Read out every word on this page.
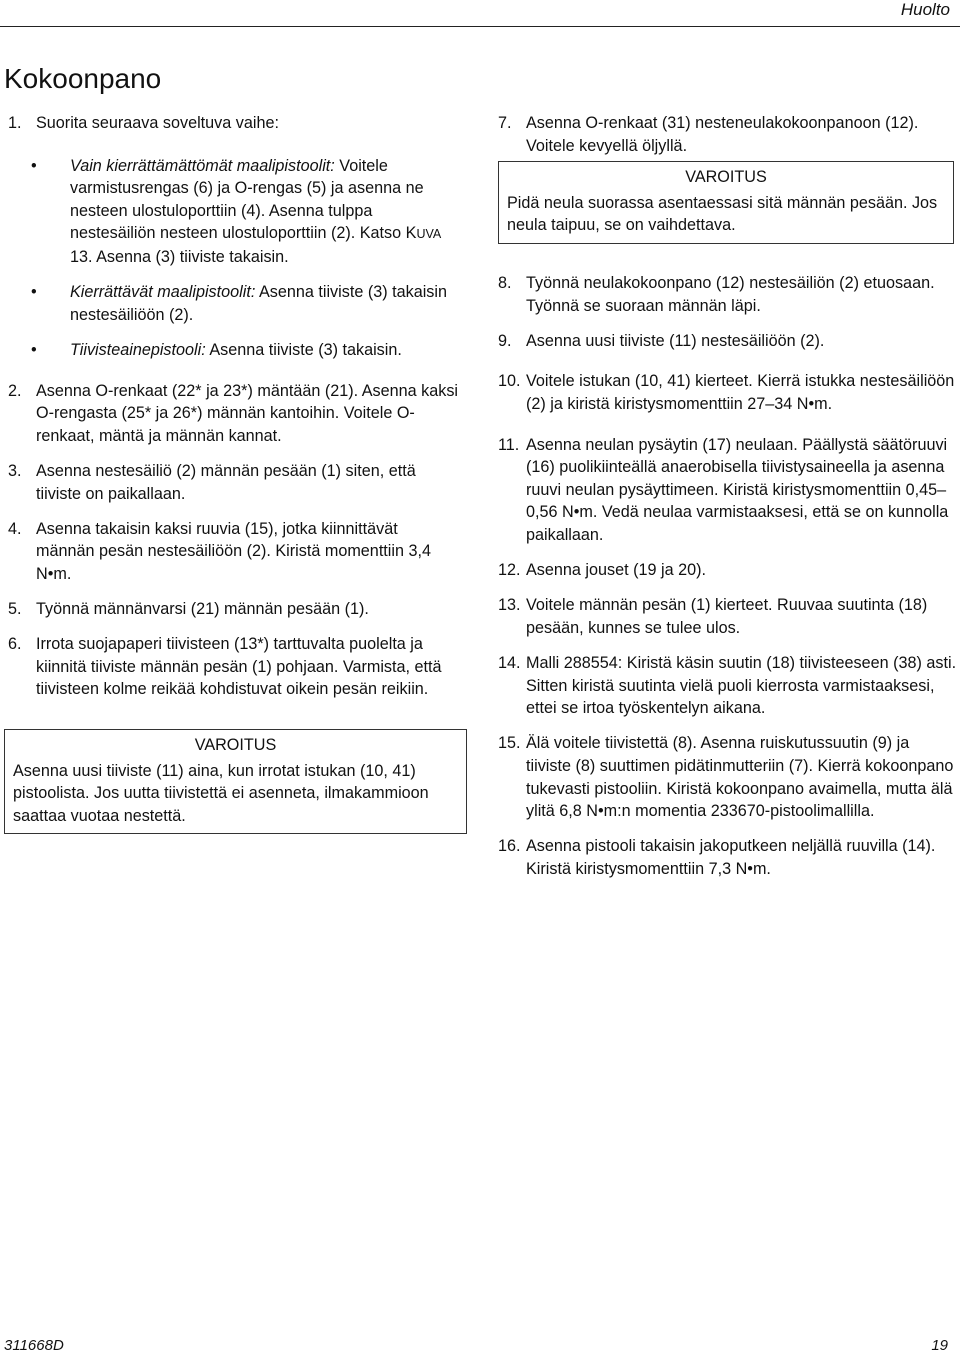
Huolto
Kokoonpano
1. Suorita seuraava soveltuva vaihe:
• Vain kierrättämättömät maalipistoolit: Voitele varmistusrengas (6) ja O-rengas (5) ja asenna ne nesteen ulostuloporttiin (4). Asenna tulppa nestesäiliön nesteen ulostuloporttiin (2). Katso KUVA 13. Asenna (3) tiiviste takaisin.
• Kierrättävät maalipistoolit: Asenna tiiviste (3) takaisin nestesäiliöön (2).
• Tiivisteainepistooli: Asenna tiiviste (3) takaisin.
2. Asenna O-renkaat (22* ja 23*) mäntään (21). Asenna kaksi O-rengasta (25* ja 26*) männän kantoihin. Voitele O-renkaat, mäntä ja männän kannat.
3. Asenna nestesäiliö (2) männän pesään (1) siten, että tiiviste on paikallaan.
4. Asenna takaisin kaksi ruuvia (15), jotka kiinnittävät männän pesän nestesäiliöön (2). Kiristä momenttiin 3,4 N•m.
5. Työnnä männänvarsi (21) männän pesään (1).
6. Irrota suojapaperi tiivisteen (13*) tarttuvalta puolelta ja kiinnitä tiiviste männän pesän (1) pohjaan. Varmista, että tiivisteen kolme reikää kohdistuvat oikein pesän reikiin.
VAROITUS
Asenna uusi tiiviste (11) aina, kun irrotat istukan (10, 41) pistoolista. Jos uutta tiivistettä ei asenneta, ilmakammioon saattaa vuotaa nestettä.
7. Asenna O-renkaat (31) nesteneulakokoonpanoon (12). Voitele kevyellä öljyllä.
VAROITUS
Pidä neula suorassa asentaessasi sitä männän pesään. Jos neula taipuu, se on vaihdettava.
8. Työnnä neulakokoonpano (12) nestesäiliön (2) etuosaan. Työnnä se suoraan männän läpi.
9. Asenna uusi tiiviste (11) nestesäiliöön (2).
10. Voitele istukan (10, 41) kierteet. Kierrä istukka nestesäiliöön (2) ja kiristä kiristysmomenttiin 27–34 N•m.
11. Asenna neulan pysäytin (17) neulaan. Päällystä säätöruuvi (16) puolikiinteällä anaerobisella tiivistysaineella ja asenna ruuvi neulan pysäyttimeen. Kiristä kiristysmomenttiin 0,45–0,56 N•m. Vedä neulaa varmistaaksesi, että se on kunnolla paikallaan.
12. Asenna jouset (19 ja 20).
13. Voitele männän pesän (1) kierteet. Ruuvaa suutinta (18) pesään, kunnes se tulee ulos.
14. Malli 288554: Kiristä käsin suutin (18) tiivisteeseen (38) asti. Sitten kiristä suutinta vielä puoli kierrosta varmistaaksesi, ettei se irtoa työskentelyn aikana.
15. Älä voitele tiivistettä (8). Asenna ruiskutussuutin (9) ja tiiviste (8) suuttimen pidätinmutteriin (7). Kierrä kokoonpano tukevasti pistooliin. Kiristä kokoonpano avaimella, mutta älä ylitä 6,8 N•m:n momentia 233670-pistoolimallilla.
16. Asenna pistooli takaisin jakoputkeen neljällä ruuvilla (14). Kiristä kiristysmomenttiin 7,3 N•m.
311668D	19
